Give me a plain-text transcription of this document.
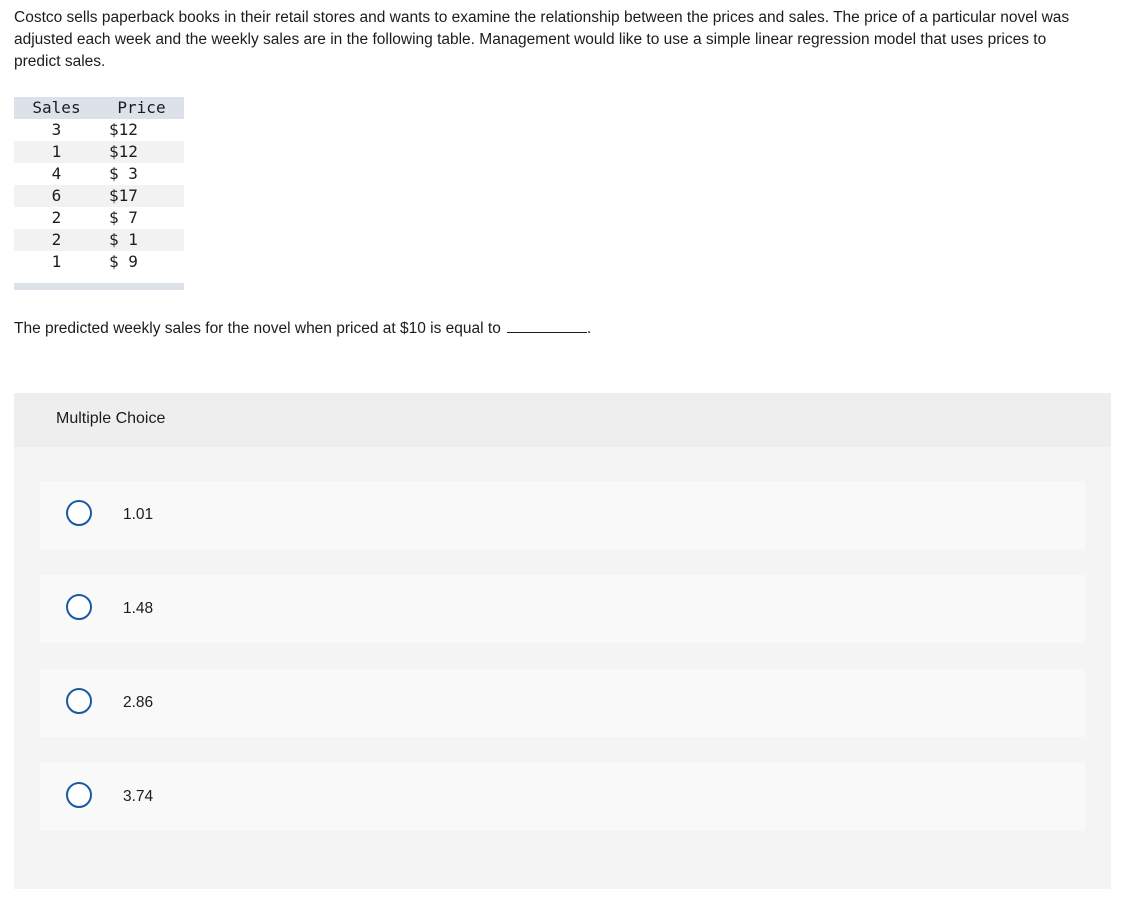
Costco sells paperback books in their retail stores and wants to examine the relationship between the prices and sales. The price of a particular novel was adjusted each week and the weekly sales are in the following table. Management would like to use a simple linear regression model that uses prices to predict sales.

Sales	Price
3	$12
1	$12
4	$ 3
6	$17
2	$ 7
2	$ 1
1	$ 9

The predicted weekly sales for the novel when priced at $10 is equal to	.

Multiple Choice
1.01
1.48
2.86
3.74
